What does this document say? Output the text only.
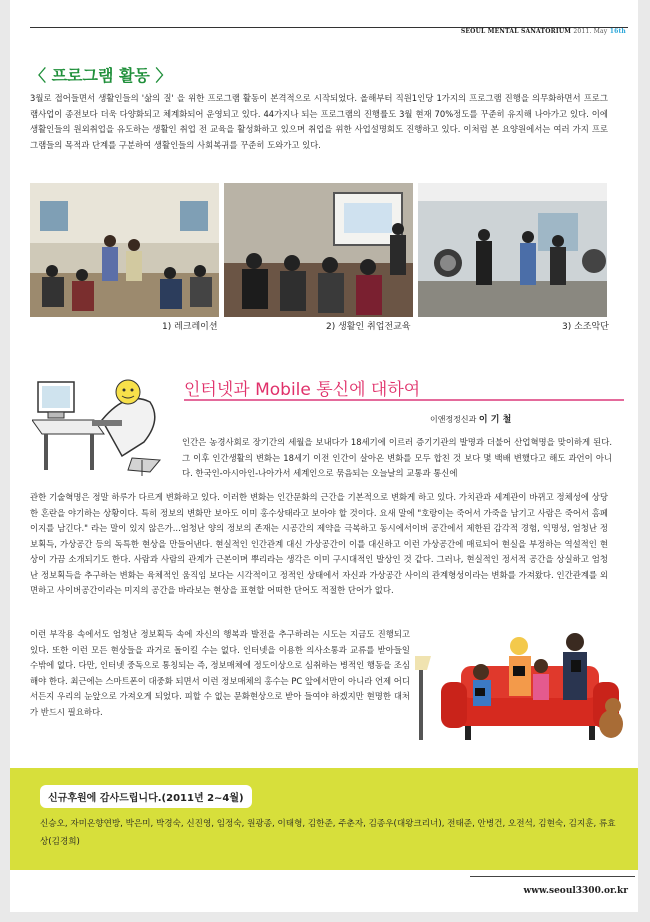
SEOUL MENTAL SANATORIUM 2011. May 16th
〈 프로그램 활동 〉

3월로 접어들면서 생활인들의 '삶의 질' 을 위한 프로그램 활동이 본격적으로 시작되었다. 올해부터 직원1인당 1가지의 프로그램 진행을 의무화하면서 프로그램사업이 종전보다 더욱 다양화되고 체계화되어 운영되고 있다. 44가지나 되는 프로그램의 진행률도 3월 현재 70%정도를 꾸준히 유지해 나아가고 있다. 이에 생활인들의 원외취업을 유도하는 생활인 취업 전 교육을 활성화하고 있으며 취업을 위한 사업설명회도 진행하고 있다. 이처럼 본 요양원에서는 여러 가지 프로그램들의 목적과 단계를 구분하여 생활인들의 사회복귀를 꾸준히 도와가고 있다.

1) 레크레이션	2) 생활인 취업전교육	3) 소조악단
인터넷과 Mobile 통신에 대하여
이앤정정신과 이 기 철

인간은 농경사회로 장기간의 세월을 보내다가 18세기에 이르러 증기기관의 발명과 더불어 산업혁명을 맞이하게 된다. 그 이후 인간생활의 변화는 18세기 이전 인간이 살아온 변화를 모두 합친 것 보다 몇 백배 변했다고 해도 과언이 아니다. 한국인-아시아인-나아가서 세계인으로 묶음되는 오늘날의 교통과 통신에

관한 기술혁명은 정말 하루가 다르게 변화하고 있다. 이러한 변화는 인간문화의 근간을 기본적으로 변화게 하고 있다. 가치관과 세계관이 바뀌고 정체성에 상당한 혼란을 야기하는 상황이다. 특히 정보의 변화만 보아도 이미 홍수상태라고 보아야 할 것이다. 요새 말에 "호랑이는 죽어서 가죽을 남기고 사람은 죽어서 홈페이지를 남긴다." 라는 말이 있지 않은가...엄청난 양의 정보의 존재는 시공간의 제약을 극복하고 동시에서이버 공간에서 제한된 감각적 경험, 익명성, 엄청난 정보획득, 가상공간 등의 독특한 현상을 만들어낸다. 현실적인 인간관계 대신 가상공간이 이를 대신하고 이런 가상공간에 매료되어 현실을 부정하는 역설적인 현상이 가끔 소개되기도 한다. 사람과 사람의 관계가 근본이며 뿌리라는 생각은 이미 구시대적인 발상인 것 같다. 그러나, 현실적인 정서적 공간을 상실하고 엄청난 정보획득을 추구하는 변화는 육체적인 움직임 보다는 시각적이고 정적인 상태에서 자신과 가상공간 사이의 관계형성이라는 변화를 가져왔다. 인간관계를 외면하고 사이버공간이라는 미지의 공간을 바라보는 현상을 표현할 어떠한 단어도 적절한 단어가 없다.

이런 부작용 속에서도 엄청난 정보획득 속에 자신의 행복과 발전을 추구하려는 시도는 지금도 진행되고 있다. 또한 이런 모든 현상들을 과거로 돌이킬 수는 없다. 인터넷을 이용한 의사소통과 교류를 받아들일 수밖에 없다. 다만, 인터넷 중독으로 통칭되는 즉, 정보매체에 정도이상으로 심취하는 병적인 행동을 조심해야 한다. 최근에는 스마트폰이 대중화 되면서 이런 정보매체의 홍수는 PC 앞에서만이 아니라 언제 어디서든지 우리의 눈앞으로 가져오게 되었다. 피할 수 없는 문화현상으로 받아 들여야 하겠지만 현명한 대처가 반드시 필요하다.

신규후원에 감사드립니다.(2011년 2~4월)
신승오, 자미온향연방, 박은미, 박경숙, 신진영, 임정숙, 원광종, 이태형, 김한준, 주춘자, 김종우(대왕크리너), 전태준, 안병건, 오전석, 김현숙, 김지훈, 류효상(김경희)
www.seoul3300.or.kr
